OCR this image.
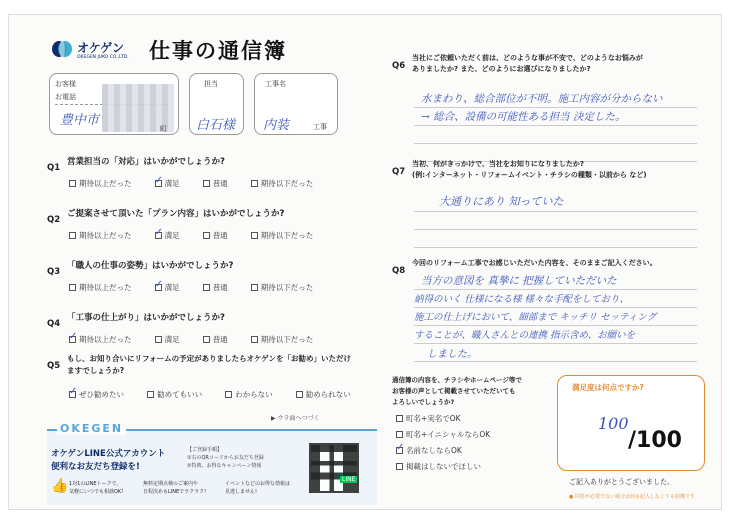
オケゲン
OKEGEN JUKO CO.,LTD. 仕事の通信簿
お客様
お電話
豊中市
町
担当
白石様
工事名
内装	工事
Q1
営業担当の「対応」はいかがでしょうか?
期待以上だった
✓	満足
	普通
	期待以下だった
Q2
ご提案させて頂いた「プラン内容」はいかがでしょうか?
期待以上だった
✓	満足
	普通
	期待以下だった
Q3
「職人の仕事の姿勢」はいかがでしょうか?
期待以上だった
✓	満足
	普通
	期待以下だった
Q4
「工事の仕上がり」はいかがでしょうか?
✓
期待以上だった
	満足
	普通
	期待以下だった
Q5
もし、お知り合いにリフォームの予定がありましたらオケゲンを「お勧め」いただけ
ますでしょうか?
✓
ぜひ勧めたい
	勧めてもいい
	わからない
	勧められない
▶ ウラ面へつづく
OKEGEN
オケゲンLINE公式アカウント
便利なお友だち登録を!
【ご登録手順】
①右のQRコードからお友だち登録
②特典、お得なキャンペーン情報
👍 1対1のLINEトークで、
気軽にいつでも相談OK!
無料定期点検のご案内や
日程決めもLINEでラクラク!
イベントなどのお得な情報は
見逃しません!
LINE
Q6
当社にご依頼いただく前は、どのような事が不安で、どのようなお悩みが
ありましたか? また、どのようにお選びになりましたか?
水まわり、総合部位が不明。施工内容が分からない
→ 総合、設備の可能性ある担当 決定した。
Q7
当初、何がきっかけで、当社をお知りになりましたか?
(例:インターネット・リフォームイベント・チラシの種類・以前から など)
大通りにあり 知っていた
Q8
今回のリフォーム工事でお感じいただいた内容を、そのままご記入ください。
当方の意図を 真摯に 把握していただいた
納得のいく 仕様になる様 様々な手配をしており、
施工の仕上げにおいて、細部まで キッチリ セッティング
することが、職人さんとの連携 指示含め、お願いを
しました。
通信簿の内容を、チラシやホームページ等で
お客様の声として掲載させていただいても
よろしいでしょうか?
町名+実名でOK
町名+イニシャルならOK
✓
名前なしならOK
掲載はしないでほしい
満足度は何点ですか?
100
/100
ご記入ありがとうございました。
● 回答が必要でない場合は何も記入しなくても結構です
